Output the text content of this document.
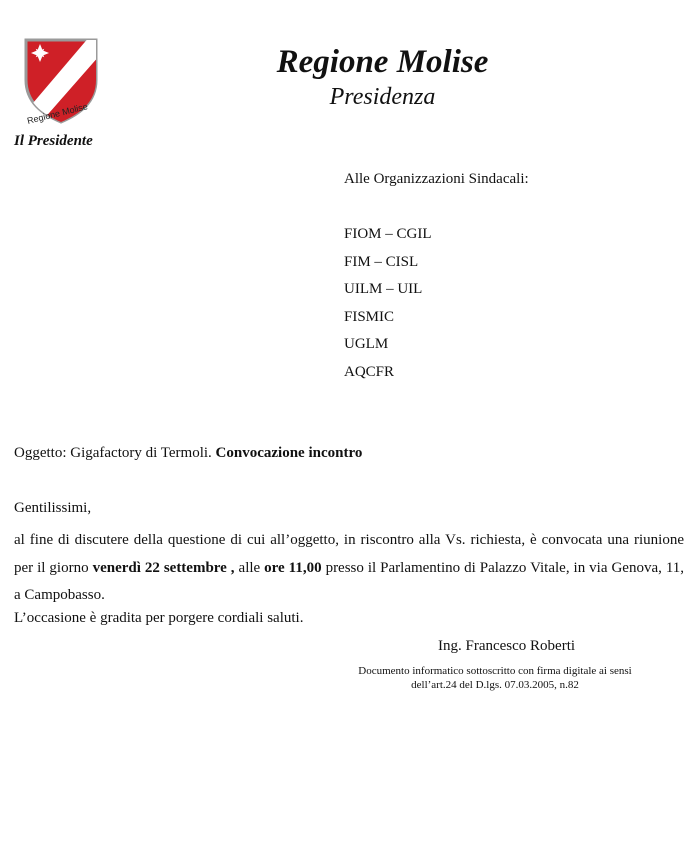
Regione Molise
Regione Molise
Presidenza
Il Presidente
Alle Organizzazioni Sindacali:
FIOM – CGIL
FIM – CISL
UILM – UIL
FISMIC
UGLM
AQCFR
Oggetto: Gigafactory di Termoli. Convocazione incontro
Gentilissimi,

al fine di discutere della questione di cui all’oggetto, in riscontro alla Vs. richiesta, è convocata una riunione per il giorno venerdì 22 settembre , alle ore 11,00 presso il Parlamentino di Palazzo Vitale, in via Genova, 11, a Campobasso.

L’occasione è gradita per porgere cordiali saluti.
Ing. Francesco Roberti
Documento informatico sottoscritto con firma digitale ai sensi
dell’art.24 del D.lgs. 07.03.2005, n.82
